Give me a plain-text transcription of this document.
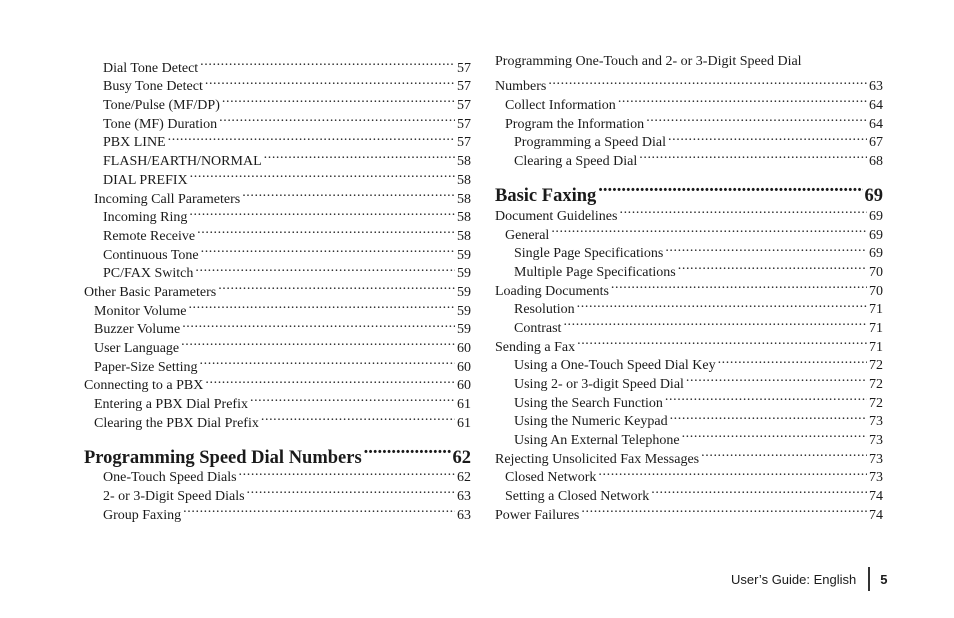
Dial Tone Detect .....	57
Busy Tone Detect .....	57
Tone/Pulse (MF/DP) .....	57
Tone (MF) Duration .....	57
PBX LINE .....	57
FLASH/EARTH/NORMAL .....	58
DIAL PREFIX .....	58
Incoming Call Parameters .....	58
Incoming Ring .....	58
Remote Receive .....	58
Continuous Tone .....	59
PC/FAX Switch .....	59
Other Basic Parameters .....	59
Monitor Volume .....	59
Buzzer Volume .....	59
User Language .....	60
Paper-Size Setting .....	60
Connecting to a PBX .....	60
Entering a PBX Dial Prefix .....	61
Clearing the PBX Dial Prefix .....	61
Programming Speed Dial Numbers .....	62
One-Touch Speed Dials .....	62
2- or 3-Digit Speed Dials .....	63
Group Faxing .....	63
Programming One-Touch and 2- or 3-Digit Speed Dial
Numbers .....	63
Collect Information .....	64
Program the Information .....	64
Programming a Speed Dial .....	67
Clearing a Speed Dial .....	68
Basic Faxing .....	69
Document Guidelines .....	69
General .....	69
Single Page Specifications .....	69
Multiple Page Specifications .....	70
Loading Documents .....	70
Resolution .....	71
Contrast .....	71
Sending a Fax .....	71
Using a One-Touch Speed Dial Key .....	72
Using 2- or 3-digit Speed Dial .....	72
Using the Search Function .....	72
Using the Numeric Keypad .....	73
Using An External Telephone .....	73
Rejecting Unsolicited Fax Messages .....	73
Closed Network .....	73
Setting a Closed Network .....	74
Power Failures .....	74
User’s Guide: English 5
